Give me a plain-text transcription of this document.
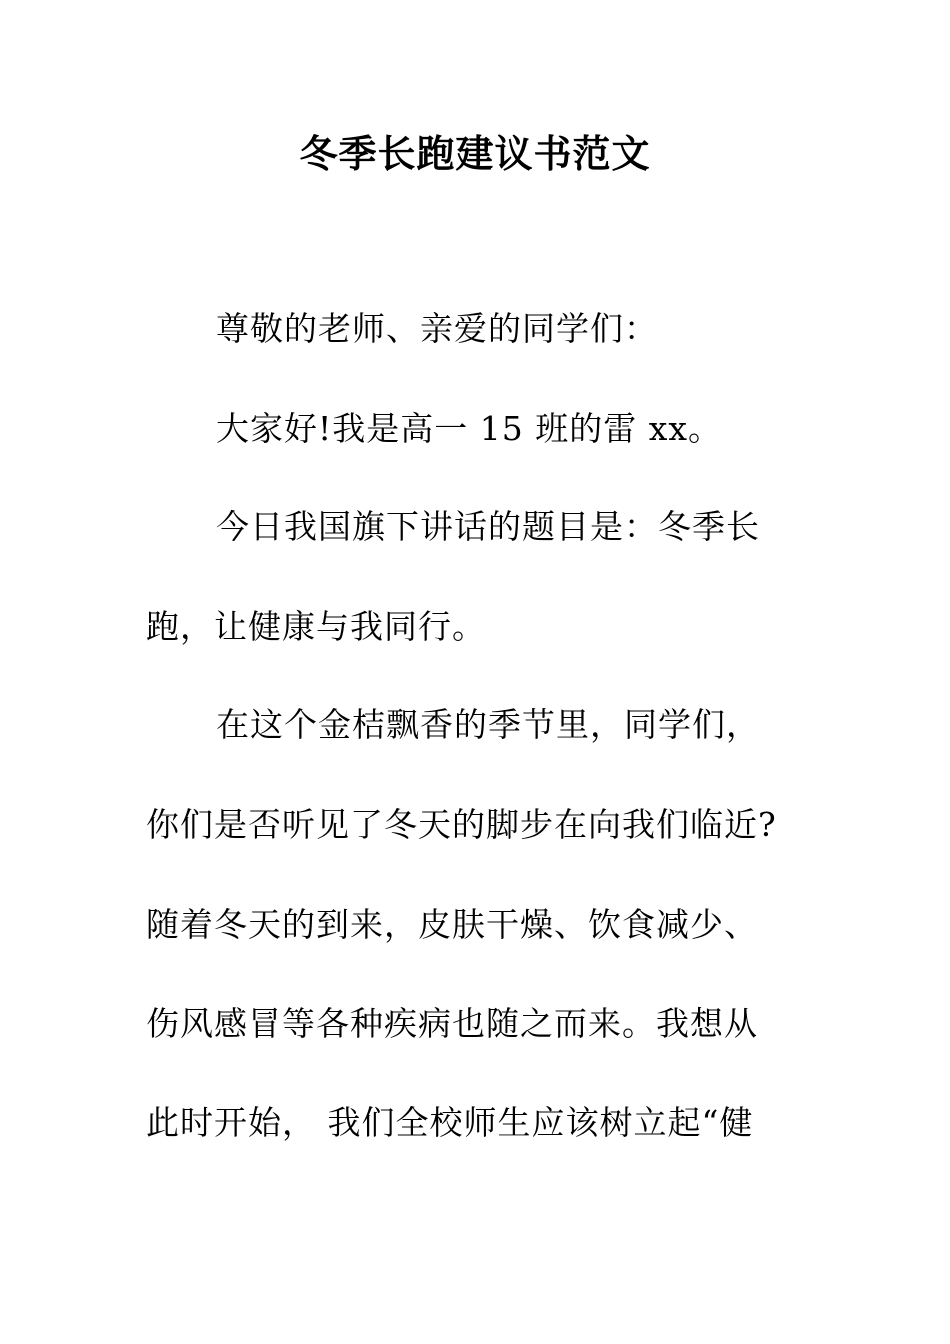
冬季长跑建议书范文
尊敬的老师、亲爱的同学们：
大家好!我是高一 15 班的雷 xx。
今日我国旗下讲话的题目是：冬季长
跑，让健康与我同行。
在这个金桔飘香的季节里，同学们，
你们是否听见了冬天的脚步在向我们临近?
随着冬天的到来，皮肤干燥、饮食减少、
伤风感冒等各种疾病也随之而来。我想从
此时开始， 我们全校师生应该树立起“健
